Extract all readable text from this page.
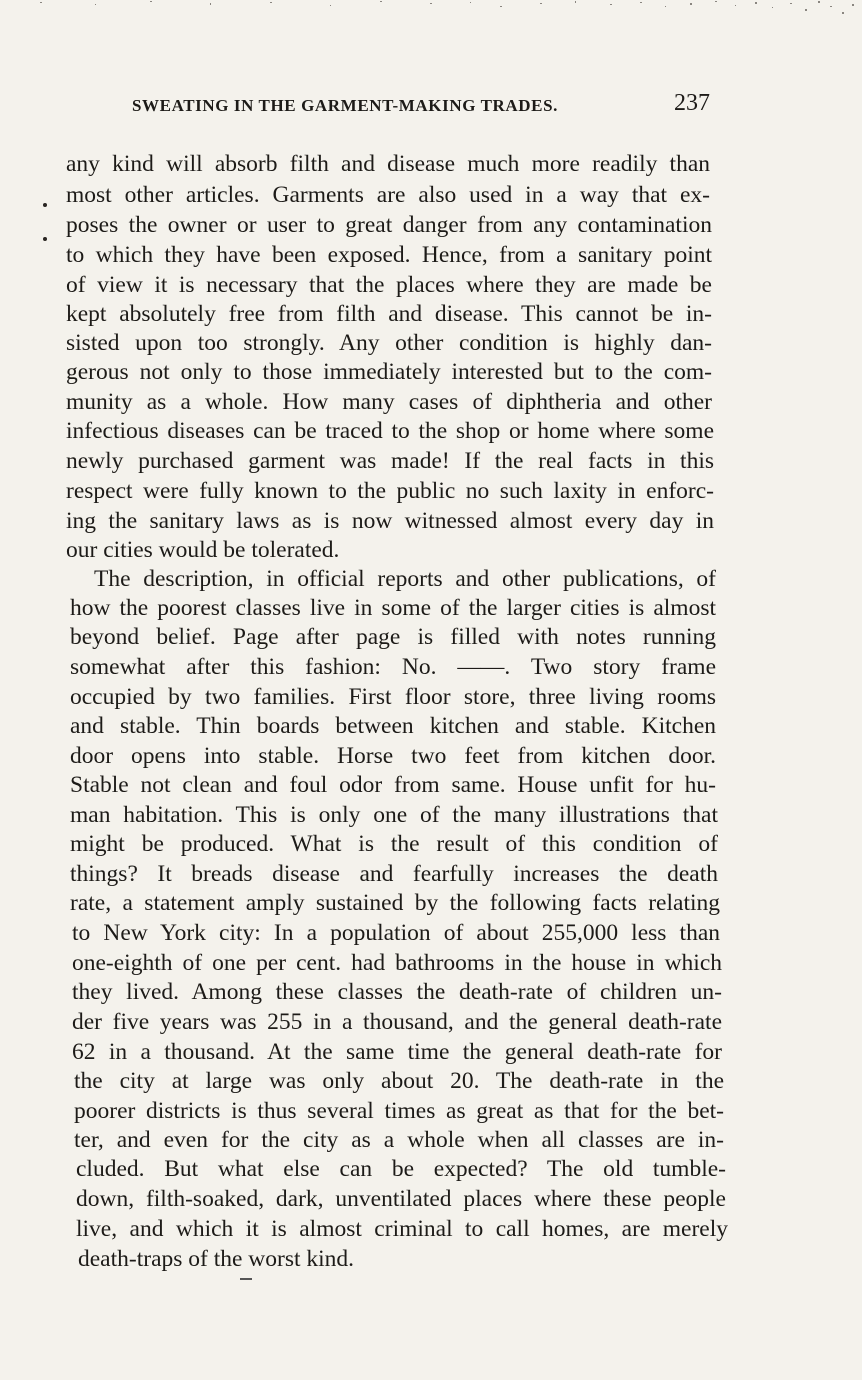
SWEATING IN THE GARMENT-MAKING TRADES.	237
any kind will absorb filth and disease much more readily than
most other articles. Garments are also used in a way that ex-
poses the owner or user to great danger from any contamination
to which they have been exposed. Hence, from a sanitary point
of view it is necessary that the places where they are made be
kept absolutely free from filth and disease. This cannot be in-
sisted upon too strongly. Any other condition is highly dan-
gerous not only to those immediately interested but to the com-
munity as a whole. How many cases of diphtheria and other
infectious diseases can be traced to the shop or home where some
newly purchased garment was made! If the real facts in this
respect were fully known to the public no such laxity in enforc-
ing the sanitary laws as is now witnessed almost every day in
our cities would be tolerated.
The description, in official reports and other publications, of
how the poorest classes live in some of the larger cities is almost
beyond belief. Page after page is filled with notes running
somewhat after this fashion: No. ——. Two story frame
occupied by two families. First floor store, three living rooms
and stable. Thin boards between kitchen and stable. Kitchen
door opens into stable. Horse two feet from kitchen door.
Stable not clean and foul odor from same. House unfit for hu-
man habitation. This is only one of the many illustrations that
might be produced. What is the result of this condition of
things? It breads disease and fearfully increases the death
rate, a statement amply sustained by the following facts relating
to New York city: In a population of about 255,000 less than
one-eighth of one per cent. had bathrooms in the house in which
they lived. Among these classes the death-rate of children un-
der five years was 255 in a thousand, and the general death-rate
62 in a thousand. At the same time the general death-rate for
the city at large was only about 20. The death-rate in the
poorer districts is thus several times as great as that for the bet-
ter, and even for the city as a whole when all classes are in-
cluded. But what else can be expected? The old tumble-
down, filth-soaked, dark, unventilated places where these people
live, and which it is almost criminal to call homes, are merely
death-traps of the worst kind.
